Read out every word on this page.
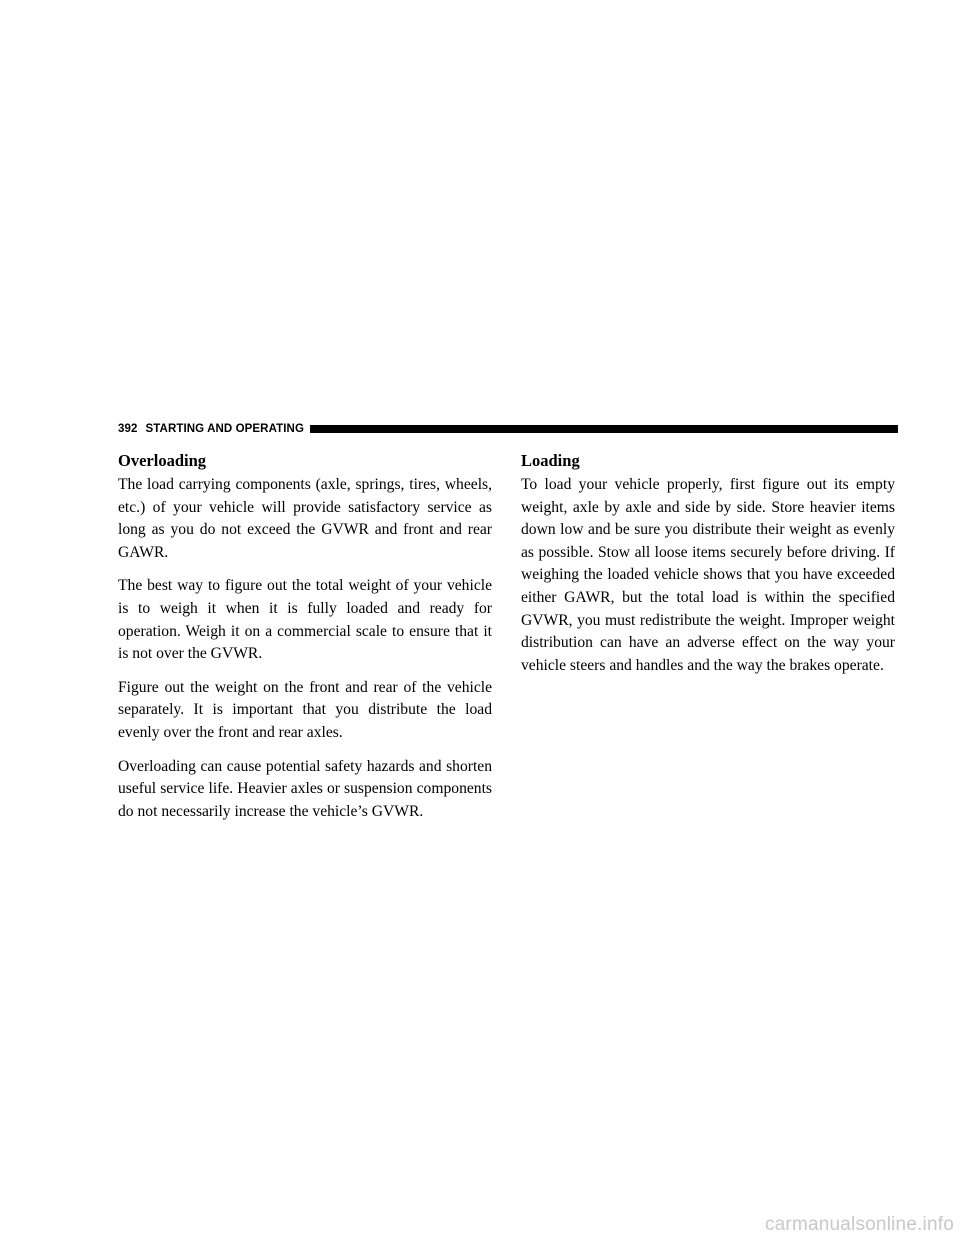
392 STARTING AND OPERATING
Overloading

The load carrying components (axle, springs, tires, wheels, etc.) of your vehicle will provide satisfactory service as long as you do not exceed the GVWR and front and rear GAWR.

The best way to figure out the total weight of your vehicle is to weigh it when it is fully loaded and ready for operation. Weigh it on a commercial scale to ensure that it is not over the GVWR.

Figure out the weight on the front and rear of the vehicle separately. It is important that you distribute the load evenly over the front and rear axles.

Overloading can cause potential safety hazards and shorten useful service life. Heavier axles or suspension components do not necessarily increase the vehicle’s GVWR.

Loading

To load your vehicle properly, first figure out its empty weight, axle by axle and side by side. Store heavier items down low and be sure you distribute their weight as evenly as possible. Stow all loose items securely before driving. If weighing the loaded vehicle shows that you have exceeded either GAWR, but the total load is within the specified GVWR, you must redistribute the weight. Improper weight distribution can have an adverse effect on the way your vehicle steers and handles and the way the brakes operate.

carmanualsonline.info
